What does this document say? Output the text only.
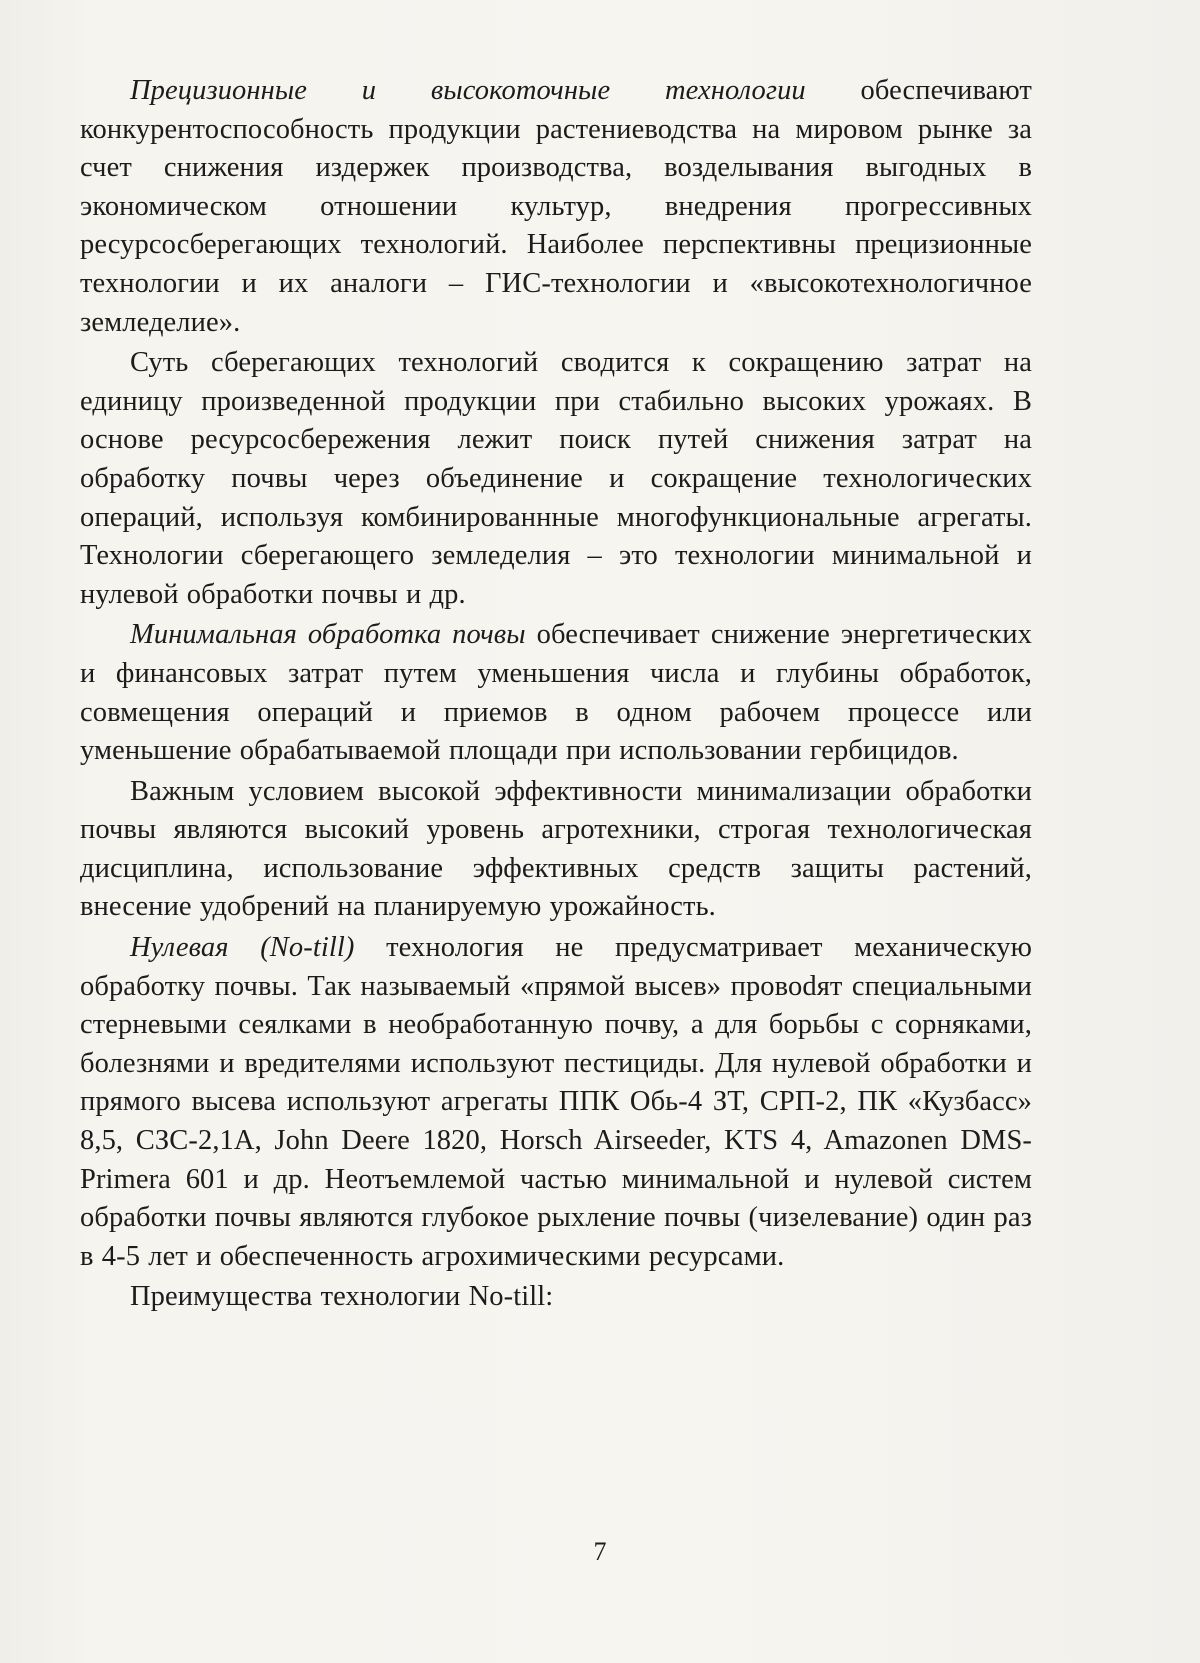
Прецизионные и высокоточные технологии обеспечивают конкурентоспособность продукции растениеводства на мировом рынке за счет снижения издержек производства, возделывания выгодных в экономическом отношении культур, внедрения прогрессивных ресурсосберегающих технологий. Наиболее перспективны прецизионные технологии и их аналоги – ГИС-технологии и «высокотехнологичное земледелие».

Суть сберегающих технологий сводится к сокращению затрат на единицу произведенной продукции при стабильно высоких урожаях. В основе ресурсосбережения лежит поиск путей снижения затрат на обработку почвы через объединение и сокращение технологических операций, используя комбинированнные многофункциональные агрегаты. Технологии сберегающего земледелия – это технологии минимальной и нулевой обработки почвы и др.

Минимальная обработка почвы обеспечивает снижение энергетических и финансовых затрат путем уменьшения числа и глубины обработок, совмещения операций и приемов в одном рабочем процессе или уменьшение обрабатываемой площади при использовании гербицидов.

Важным условием высокой эффективности минимализации обработки почвы являются высокий уровень агротехники, строгая технологическая дисциплина, использование эффективных средств защиты растений, внесение удобрений на планируемую урожайность.

Нулевая (No-till) технология не предусматривает механическую обработку почвы. Так называемый «прямой высев» провоdят специальными стерневыми сеялками в необработанную почву, а для борьбы с сорняками, болезнями и вредителями используют пестициды. Для нулевой обработки и прямого высева используют агрегаты ППК Обь-4 ЗТ, СРП-2, ПК «Кузбасс» 8,5, СЗС-2,1А, John Deere 1820, Horsch Airseeder, KTS 4, Amazonen DMS-Primera 601 и др. Неотъемлемой частью минимальной и нулевой систем обработки почвы являются глубокое рыхление почвы (чизелевание) один раз в 4-5 лет и обеспеченность агрохимическими ресурсами.

Преимущества технологии No-till:

7
